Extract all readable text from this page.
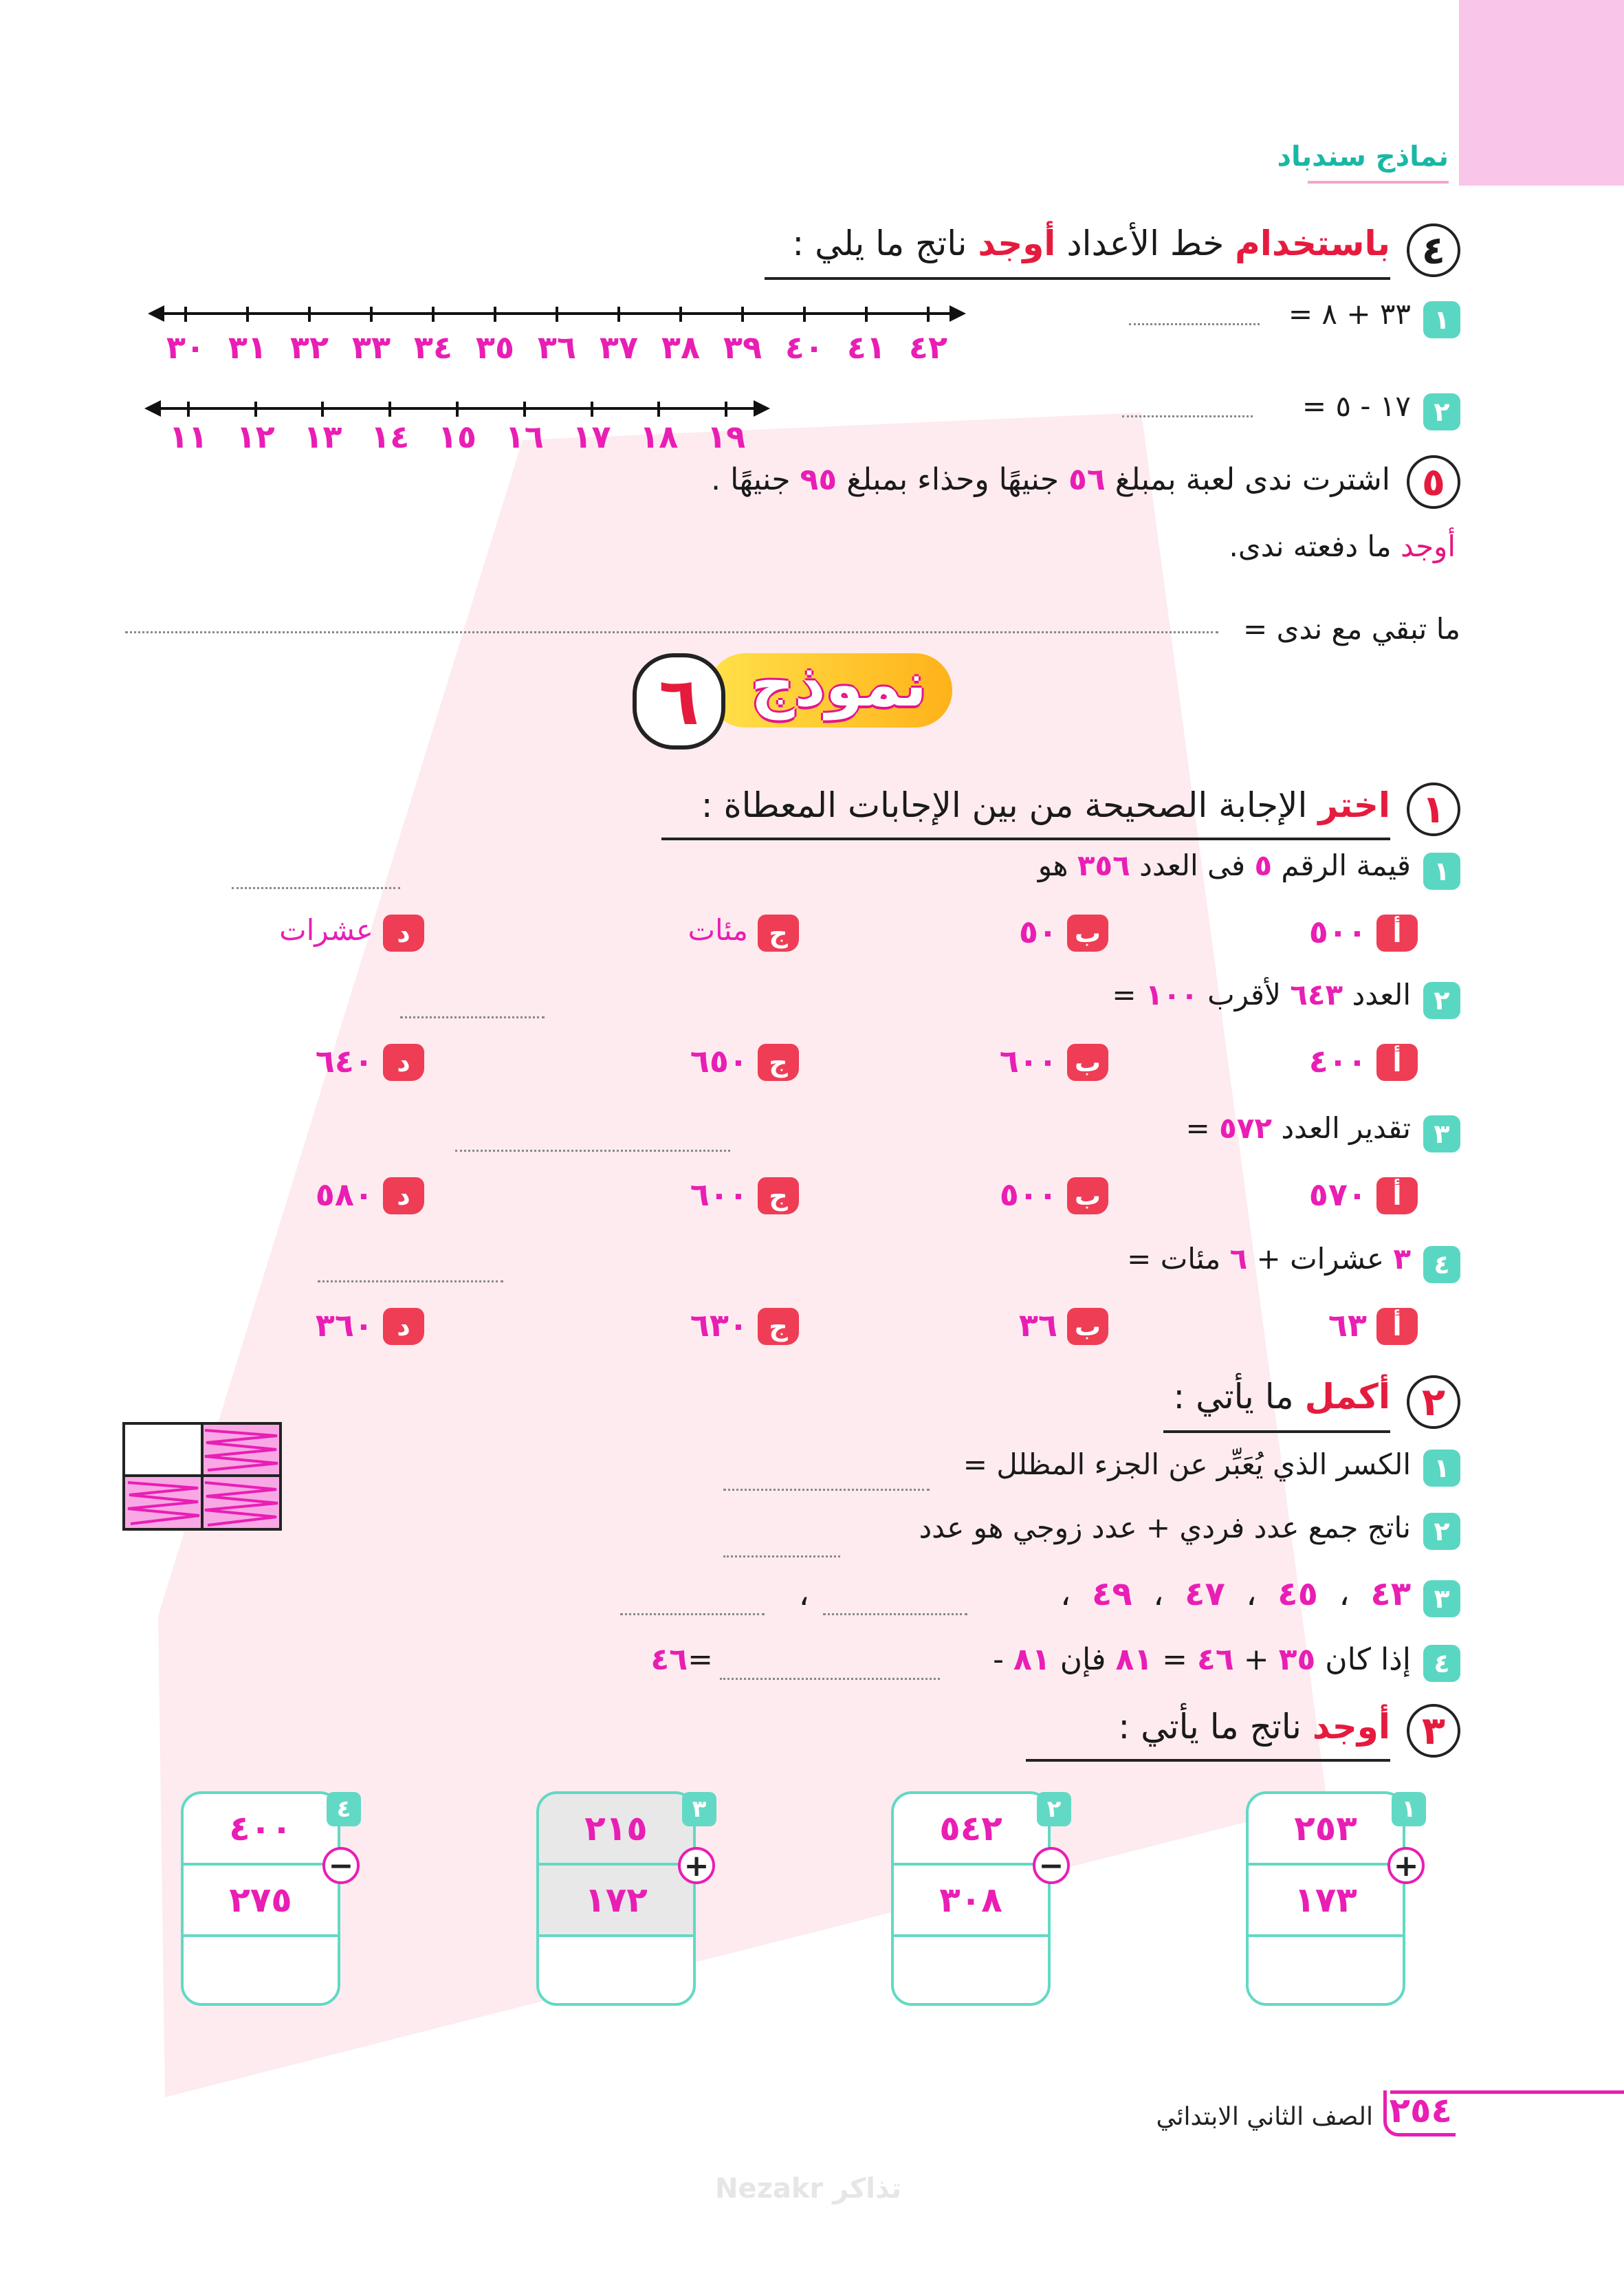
نماذج سندباد
٤
باستخدام خط الأعداد أوجد ناتج ما يلي :
١
٣٣ + ٨ =
٢
١٧ - ٥ =
٣٠ ٣١ ٣٢ ٣٣ ٣٤ ٣٥ ٣٦ ٣٧ ٣٨ ٣٩ ٤٠ ٤١ ٤٢
١١ ١٢ ١٣ ١٤ ١٥ ١٦ ١٧ ١٨ ١٩
٥
اشترت ندى لعبة بمبلغ ٥٦ جنيهًا وحذاء بمبلغ ٩٥ جنيهًا .
أوجد ما دفعته ندى.
ما تبقي مع ندى =
نموذج
٦
١
اختر الإجابة الصحيحة من بين الإجابات المعطاة :
١
قيمة الرقم ٥ فى العدد ٣٥٦ هو
أ
٥٠٠
ب
٥٠
ج
مئات
د
عشرات
٢
العدد ٦٤٣ لأقرب ١٠٠ =
أ
٤٠٠
ب
٦٠٠
ج
٦٥٠
د
٦٤٠
٣
تقدير العدد ٥٧٢ =
أ
٥٧٠
ب
٥٠٠
ج
٦٠٠
د
٥٨٠
٤
٣ عشرات + ٦ مئات =
أ
٦٣
ب
٣٦
ج
٦٣٠
د
٣٦٠
٢
أكمل ما يأتي :
١
الكسر الذي يُعَبِّر عن الجزء المظلل =
٢
ناتج جمع عدد فردي + عدد زوجي هو عدد
٣
٤٣  ،  ٤٥  ،  ٤٧  ،  ٤٩  ،
،
٤
إذا كان ٣٥ + ٤٦ = ٨١ فإن ٨١ -
=٤٦
٣
أوجد ناتج ما يأتي :
٢٥٣
١٧٣
+
١
٥٤٢
٣٠٨
−
٢
٢١٥
١٧٢
+
٣
٤٠٠
٢٧٥
−
٤
٢٥٤
الصف الثاني الابتدائي
Nezakr تذاكر
